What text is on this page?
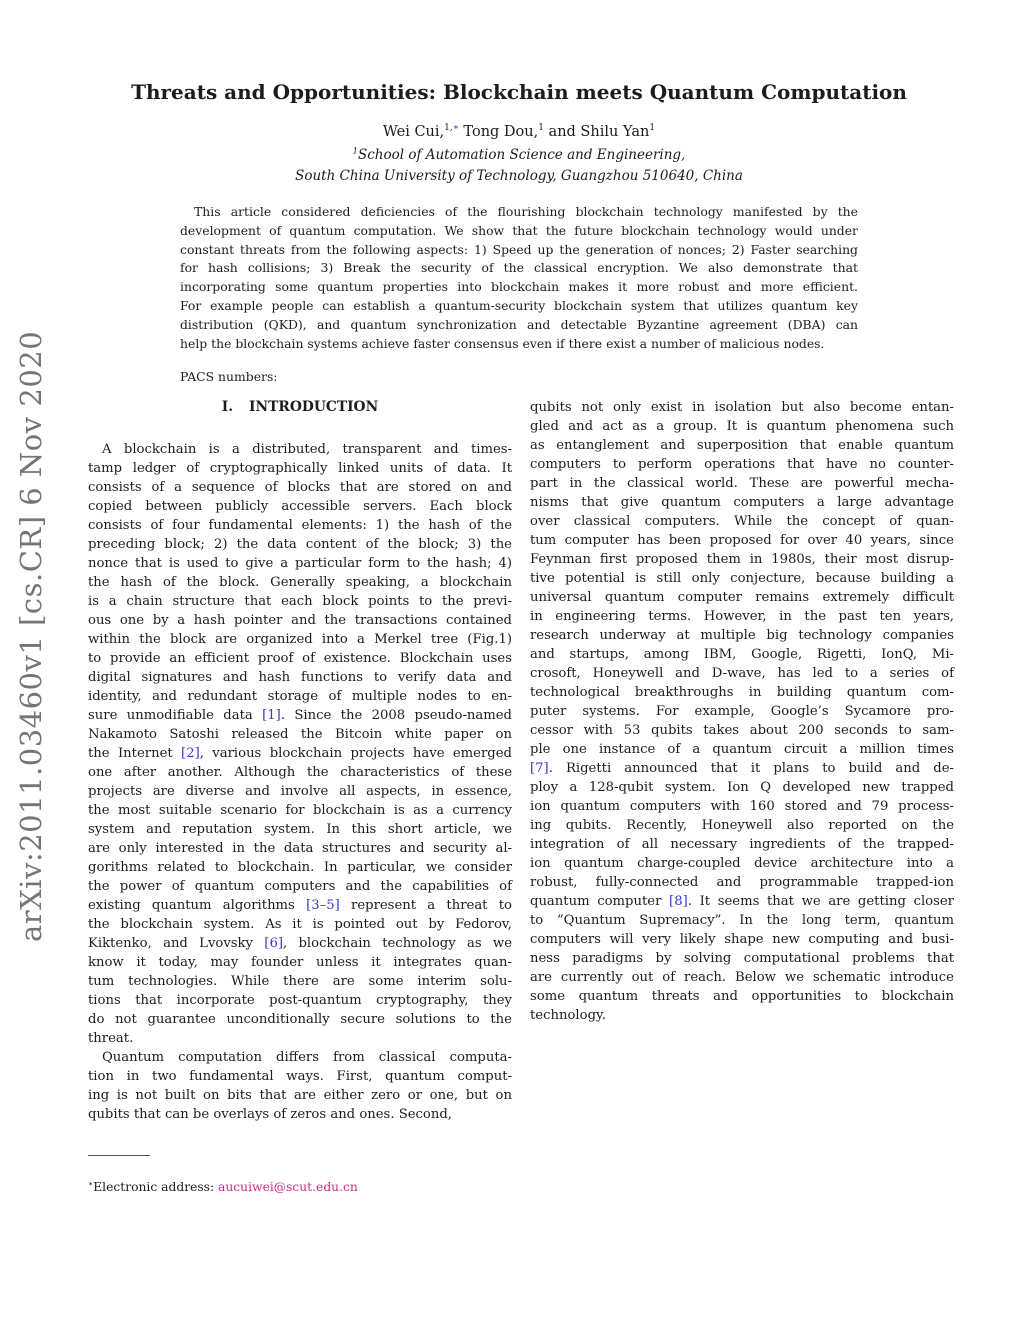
arXiv:2011.03460v1 [cs.CR] 6 Nov 2020
Threats and Opportunities: Blockchain meets Quantum Computation
Wei Cui,$^{1,∗}$ Tong Dou,$^1$ and Shilu Yan$^1$
$^1$School of Automation Science and Engineering,
South China University of Technology, Guangzhou 510640, China
This article considered deficiencies of the flourishing blockchain technology manifested by the
development of quantum computation. We show that the future blockchain technology would under
constant threats from the following aspects: 1) Speed up the generation of nonces; 2) Faster searching
for hash collisions; 3) Break the security of the classical encryption. We also demonstrate that
incorporating some quantum properties into blockchain makes it more robust and more efficient.
For example people can establish a quantum-security blockchain system that utilizes quantum key
distribution (QKD), and quantum synchronization and detectable Byzantine agreement (DBA) can
help the blockchain systems achieve faster consensus even if there exist a number of malicious nodes.
PACS numbers:
I. INTRODUCTION
A blockchain is a distributed, transparent and times-
tamp ledger of cryptographically linked units of data. It
consists of a sequence of blocks that are stored on and
copied between publicly accessible servers. Each block
consists of four fundamental elements: 1) the hash of the
preceding block; 2) the data content of the block; 3) the
nonce that is used to give a particular form to the hash; 4)
the hash of the block. Generally speaking, a blockchain
is a chain structure that each block points to the previ-
ous one by a hash pointer and the transactions contained
within the block are organized into a Merkel tree (Fig.1)
to provide an efficient proof of existence. Blockchain uses
digital signatures and hash functions to verify data and
identity, and redundant storage of multiple nodes to en-
sure unmodifiable data [1]. Since the 2008 pseudo-named
Nakamoto Satoshi released the Bitcoin white paper on
the Internet [2], various blockchain projects have emerged
one after another. Although the characteristics of these
projects are diverse and involve all aspects, in essence,
the most suitable scenario for blockchain is as a currency
system and reputation system. In this short article, we
are only interested in the data structures and security al-
gorithms related to blockchain. In particular, we consider
the power of quantum computers and the capabilities of
existing quantum algorithms [3–5] represent a threat to
the blockchain system. As it is pointed out by Fedorov,
Kiktenko, and Lvovsky [6], blockchain technology as we
know it today, may founder unless it integrates quan-
tum technologies. While there are some interim solu-
tions that incorporate post-quantum cryptography, they
do not guarantee unconditionally secure solutions to the
threat.
Quantum computation differs from classical computa-
tion in two fundamental ways. First, quantum comput-
ing is not built on bits that are either zero or one, but on
qubits that can be overlays of zeros and ones. Second,
qubits not only exist in isolation but also become entan-
gled and act as a group. It is quantum phenomena such
as entanglement and superposition that enable quantum
computers to perform operations that have no counter-
part in the classical world. These are powerful mecha-
nisms that give quantum computers a large advantage
over classical computers. While the concept of quan-
tum computer has been proposed for over 40 years, since
Feynman first proposed them in 1980s, their most disrup-
tive potential is still only conjecture, because building a
universal quantum computer remains extremely difficult
in engineering terms. However, in the past ten years,
research underway at multiple big technology companies
and startups, among IBM, Google, Rigetti, IonQ, Mi-
crosoft, Honeywell and D-wave, has led to a series of
technological breakthroughs in building quantum com-
puter systems. For example, Google’s Sycamore pro-
cessor with 53 qubits takes about 200 seconds to sam-
ple one instance of a quantum circuit a million times
[7]. Rigetti announced that it plans to build and de-
ploy a 128-qubit system. Ion Q developed new trapped
ion quantum computers with 160 stored and 79 process-
ing qubits. Recently, Honeywell also reported on the
integration of all necessary ingredients of the trapped-
ion quantum charge-coupled device architecture into a
robust, fully-connected and programmable trapped-ion
quantum computer [8]. It seems that we are getting closer
to “Quantum Supremacy”. In the long term, quantum
computers will very likely shape new computing and busi-
ness paradigms by solving computational problems that
are currently out of reach. Below we schematic introduce
some quantum threats and opportunities to blockchain
technology.
∗Electronic address: aucuiwei@scut.edu.cn
